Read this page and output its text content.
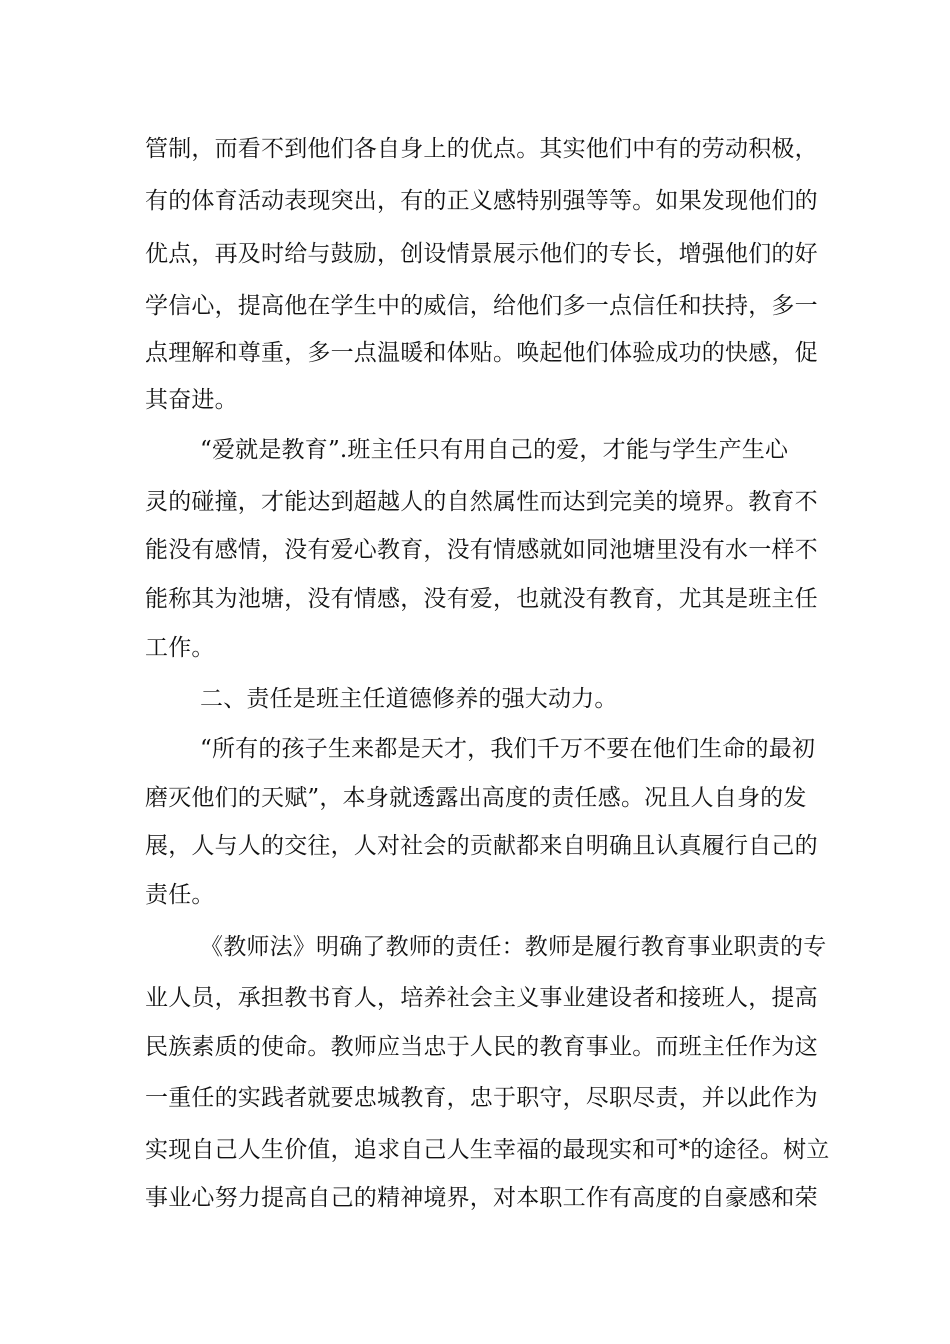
管制，而看不到他们各自身上的优点。其实他们中有的劳动积极，
有的体育活动表现突出，有的正义感特别强等等。如果发现他们的
优点，再及时给与鼓励，创设情景展示他们的专长，增强他们的好
学信心，提高他在学生中的威信，给他们多一点信任和扶持，多一
点理解和尊重，多一点温暖和体贴。唤起他们体验成功的快感，促
其奋进。
“爱就是教育”.班主任只有用自己的爱，才能与学生产生心
灵的碰撞，才能达到超越人的自然属性而达到完美的境界。教育不
能没有感情，没有爱心教育，没有情感就如同池塘里没有水一样不
能称其为池塘，没有情感，没有爱，也就没有教育，尤其是班主任
工作。
二、责任是班主任道德修养的强大动力。
“所有的孩子生来都是天才，我们千万不要在他们生命的最初
磨灭他们的天赋”，本身就透露出高度的责任感。况且人自身的发
展，人与人的交往，人对社会的贡献都来自明确且认真履行自己的
责任。
《教师法》明确了教师的责任：教师是履行教育事业职责的专
业人员，承担教书育人，培养社会主义事业建设者和接班人，提高
民族素质的使命。教师应当忠于人民的教育事业。而班主任作为这
一重任的实践者就要忠城教育，忠于职守，尽职尽责，并以此作为
实现自己人生价值，追求自己人生幸福的最现实和可*的途径。树立
事业心努力提高自己的精神境界，对本职工作有高度的自豪感和荣
